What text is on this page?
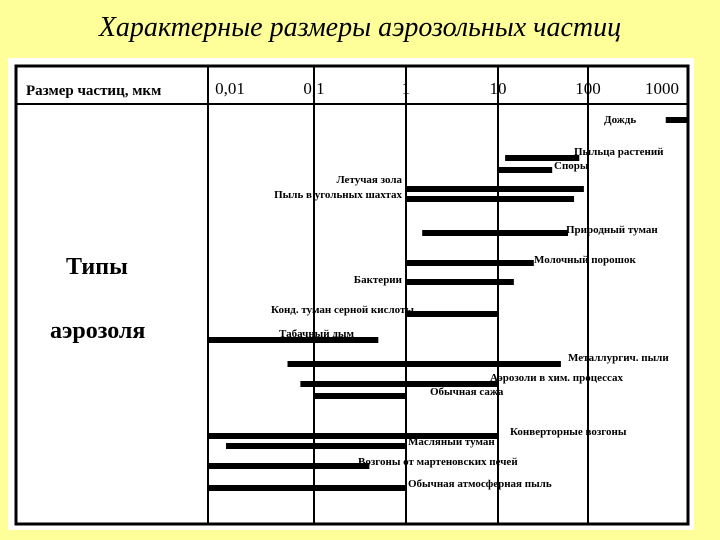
Характерные размеры аэрозольных частиц
Размер частиц, мкм
Типы
аэрозоля
0,01	0,1	1	10	100	1000
Дождь
Пыльца растений
Споры
Летучая зола
Пыль в угольных шахтах
Природный туман
Молочный порошок
Бактерии
Конд. туман серной кислоты
Табачный дым
Металлургич. пыли
Аэрозоли в хим. процессах
Обычная сажа
Конверторные возгоны
Масляный туман
Возгоны от мартеновских печей
Обычная атмосферная пыль
